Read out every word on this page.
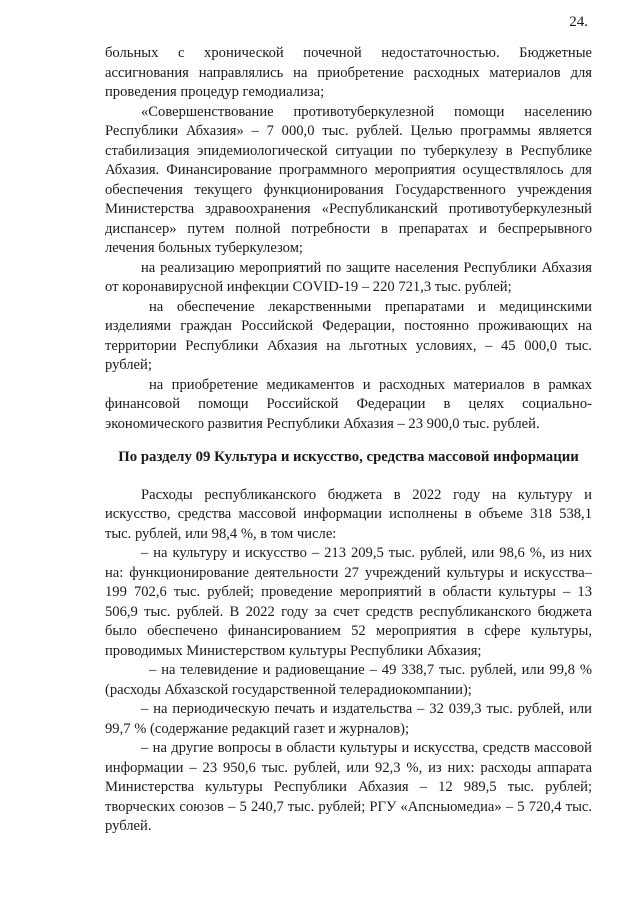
24.

больных с хронической почечной недостаточностью. Бюджетные ассигнования направлялись на приобретение расходных материалов для проведения процедур гемодиализа;

«Совершенствование противотуберкулезной помощи населению Республики Абхазия» – 7 000,0 тыс. рублей. Целью программы является стабилизация эпидемиологической ситуации по туберкулезу в Республике Абхазия. Финансирование программного мероприятия осуществлялось для обеспечения текущего функционирования Государственного учреждения Министерства здравоохранения «Республиканский противотуберкулезный диспансер» путем полной потребности в препаратах и беспрерывного лечения больных туберкулезом;

на реализацию мероприятий по защите населения Республики Абхазия от коронавирусной инфекции COVID-19 – 220 721,3 тыс. рублей;

на обеспечение лекарственными препаратами и медицинскими изделиями граждан Российской Федерации, постоянно проживающих на территории Республики Абхазия на льготных условиях, – 45 000,0 тыс. рублей;

на приобретение медикаментов и расходных материалов в рамках финансовой помощи Российской Федерации в целях социально-экономического развития Республики Абхазия – 23 900,0 тыс. рублей.

По разделу 09 Культура и искусство, средства массовой информации

Расходы республиканского бюджета в 2022 году на культуру и искусство, средства массовой информации исполнены в объеме 318 538,1 тыс. рублей, или 98,4 %, в том числе:

– на культуру и искусство – 213 209,5 тыс. рублей, или 98,6 %, из них на: функционирование деятельности 27 учреждений культуры и искусства– 199 702,6 тыс. рублей; проведение мероприятий в области культуры – 13 506,9 тыс. рублей. В 2022 году за счет средств республиканского бюджета было обеспечено финансированием 52 мероприятия в сфере культуры, проводимых Министерством культуры Республики Абхазия;

– на телевидение и радиовещание – 49 338,7 тыс. рублей, или 99,8 % (расходы Абхазской государственной телерадиокомпании);

– на периодическую печать и издательства – 32 039,3 тыс. рублей, или 99,7 % (содержание редакций газет и журналов);

– на другие вопросы в области культуры и искусства, средств массовой информации – 23 950,6 тыс. рублей, или 92,3 %, из них: расходы аппарата Министерства культуры Республики Абхазия – 12 989,5 тыс. рублей; творческих союзов – 5 240,7 тыс. рублей; РГУ «Апсныомедиа» – 5 720,4 тыс. рублей.
